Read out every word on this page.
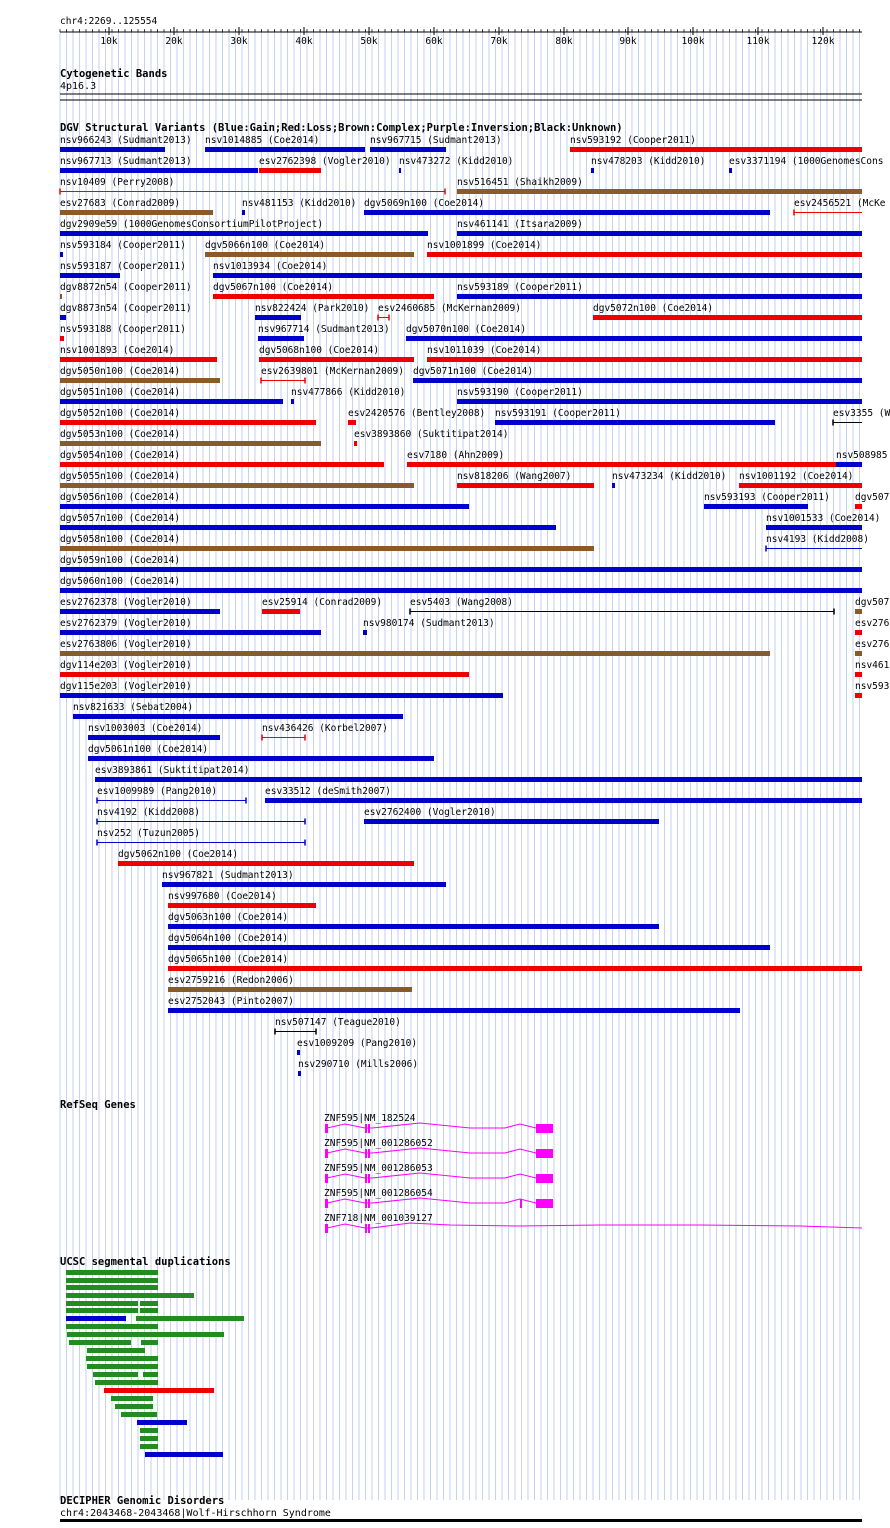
chr4:2269..125554
10k	20k	30k	40k	50k	60k	70k	80k	90k	100k	110k	120k
Cytogenetic Bands
4p16.3
DGV Structural Variants (Blue:Gain;Red:Loss;Brown:Complex;Purple:Inversion;Black:Unknown)
nsv966243 (Sudmant2013) nsv1014885 (Coe2014)	nsv967715 (Sudmant2013)	nsv593192 (Cooper2011)
nsv967713 (Sudmant2013)	esv2762398 (Vogler2010) nsv473272 (Kidd2010)	nsv478203 (Kidd2010) esv3371194 (1000GenomesCons
nsv10409 (Perry2008)	nsv516451 (Shaikh2009)
esv27683 (Conrad2009)	nsv481153 (Kidd2010) dgv5069n100 (Coe2014)	esv2456521 (McKe
dgv2909e59 (1000GenomesConsortiumPilotProject)	nsv461141 (Itsara2009)
nsv593184 (Cooper2011) dgv5066n100 (Coe2014)	nsv1001899 (Coe2014)
nsv593187 (Cooper2011)	nsv1013934 (Coe2014)
dgv8872n54 (Cooper2011) dgv5067n100 (Coe2014)	nsv593189 (Cooper2011)
dgv8873n54 (Cooper2011)	nsv822424 (Park2010) esv2460685 (McKernan2009)	dgv5072n100 (Coe2014)
nsv593188 (Cooper2011)	nsv967714 (Sudmant2013) dgv5070n100 (Coe2014)
nsv1001893 (Coe2014)	dgv5068n100 (Coe2014)	nsv1011039 (Coe2014)
dgv5050n100 (Coe2014)	esv2639801 (McKernan2009) dgv5071n100 (Coe2014)
dgv5051n100 (Coe2014)	nsv477866 (Kidd2010)	nsv593190 (Cooper2011)
dgv5052n100 (Coe2014)	esv2420576 (Bentley2008) nsv593191 (Cooper2011)	esv3355 (W
dgv5053n100 (Coe2014)	esv3893860 (Suktitipat2014)
dgv5054n100 (Coe2014)	esv7180 (Ahn2009)	nsv508985
dgv5055n100 (Coe2014)	nsv818206 (Wang2007)	nsv473234 (Kidd2010) nsv1001192 (Coe2014)
dgv5056n100 (Coe2014)	nsv593193 (Cooper2011)	dgv507
dgv5057n100 (Coe2014)	nsv1001533 (Coe2014)
dgv5058n100 (Coe2014)	nsv4193 (Kidd2008)
dgv5059n100 (Coe2014)
dgv5060n100 (Coe2014)
esv2762378 (Vogler2010)	esv25914 (Conrad2009)	esv5403 (Wang2008)	dgv507
esv2762379 (Vogler2010)	nsv980174 (Sudmant2013)	esv276
esv2763806 (Vogler2010)	esv276
dgv114e203 (Vogler2010)	nsv461
dgv115e203 (Vogler2010)	nsv593
nsv821633 (Sebat2004)
nsv1003003 (Coe2014)	nsv436426 (Korbel2007)
dgv5061n100 (Coe2014)
esv3893861 (Suktitipat2014)
esv1009989 (Pang2010)	esv33512 (deSmith2007)
nsv4192 (Kidd2008)	esv2762400 (Vogler2010)
nsv252 (Tuzun2005)
dgv5062n100 (Coe2014)
nsv967821 (Sudmant2013)
nsv997680 (Coe2014)
dgv5063n100 (Coe2014)
dgv5064n100 (Coe2014)
dgv5065n100 (Coe2014)
esv2759216 (Redon2006)
esv2752043 (Pinto2007)
nsv507147 (Teague2010)
esv1009209 (Pang2010)
nsv290710 (Mills2006)
RefSeq Genes
ZNF595|NM_182524
ZNF595|NM_001286052
ZNF595|NM_001286053
ZNF595|NM_001286054
ZNF718|NM_001039127
UCSC segmental duplications
DECIPHER Genomic Disorders
chr4:2043468-2043468|Wolf-Hirschhorn Syndrome
